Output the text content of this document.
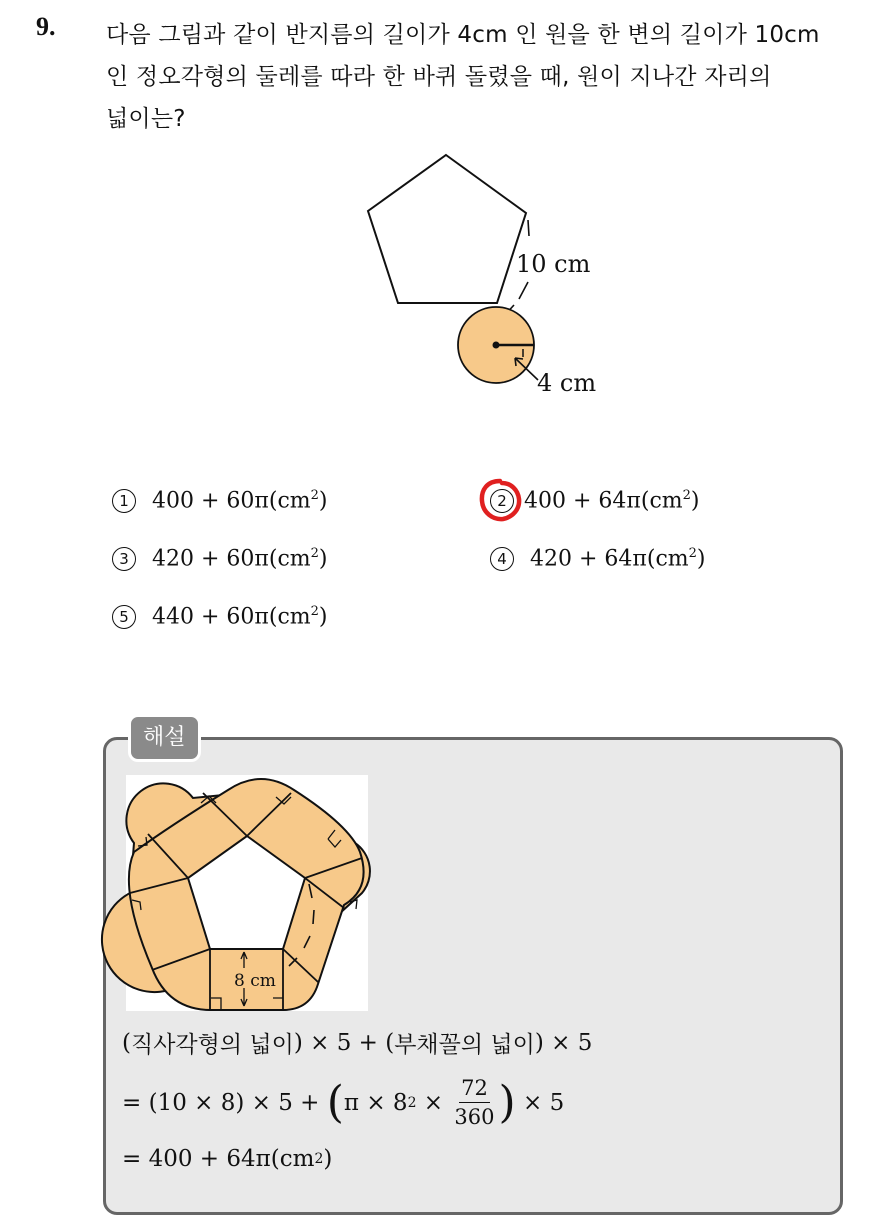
9. 다음 그림과 같이 반지름의 길이가 4cm 인 원을 한 변의 길이가 10cm

인 정오각형의 둘레를 따라 한 바퀴 돌렸을 때, 원이 지나간 자리의

넓이는?

10 cm
4 cm
1	$400 + 60\pi(cm^2)$	2 $400 + 64\pi(cm^2)$
3	$420 + 60\pi(cm^2)$	4	$420 + 64\pi(cm^2)$
5	$440 + 60\pi(cm^2)$
해설
8 cm
( 직사각형의 넓이 ) × 5 + ( 부채꼴의 넓이 ) × 5
= (10 × 8) × 5 + ( π × 8 $2 \times \frac{72}{360}$ ) × 5
= 400 + 64π(cm 2 )
